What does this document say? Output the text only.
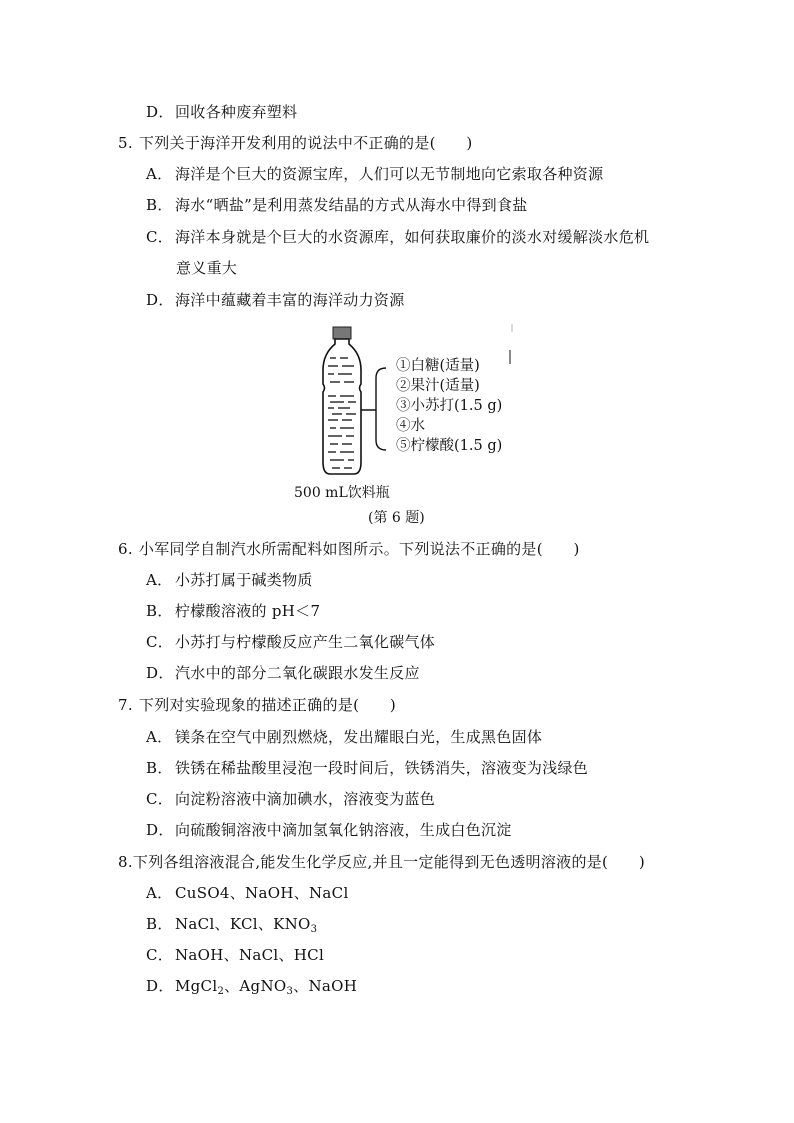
D．回收各种废弃塑料
5. 下列关于海洋开发利用的说法中不正确的是(　　)
A． 海洋是个巨大的资源宝库，人们可以无节制地向它索取各种资源
B． 海水“晒盐”是利用蒸发结晶的方式从海水中得到食盐
C． 海洋本身就是个巨大的水资源库，如何获取廉价的淡水对缓解淡水危机
意义重大
D．海洋中蕴藏着丰富的海洋动力资源
①白糖(适量)
②果汁(适量)
③小苏打(1.5 g)
④水
⑤柠檬酸(1.5 g)
500 mL饮料瓶
(第 6 题)
6. 小军同学自制汽水所需配料如图所示。下列说法不正确的是(　　)
A． 小苏打属于碱类物质
B． 柠檬酸溶液的 pH＜7
C． 小苏打与柠檬酸反应产生二氧化碳气体
D．汽水中的部分二氧化碳跟水发生反应
7. 下列对实验现象的描述正确的是(　　)
A． 镁条在空气中剧烈燃烧，发出耀眼白光，生成黑色固体
B． 铁锈在稀盐酸里浸泡一段时间后，铁锈消失，溶液变为浅绿色
C． 向淀粉溶液中滴加碘水，溶液变为蓝色
D．向硫酸铜溶液中滴加氢氧化钠溶液，生成白色沉淀
8.下列各组溶液混合,能发生化学反应,并且一定能得到无色透明溶液的是(　　)
A． CuSO4、NaOH、NaCl
B． NaCl、KCl、$KNO_3$
C． NaOH、NaCl、HCl
D．MgCl$_2$、AgNO$_3$、NaOH
